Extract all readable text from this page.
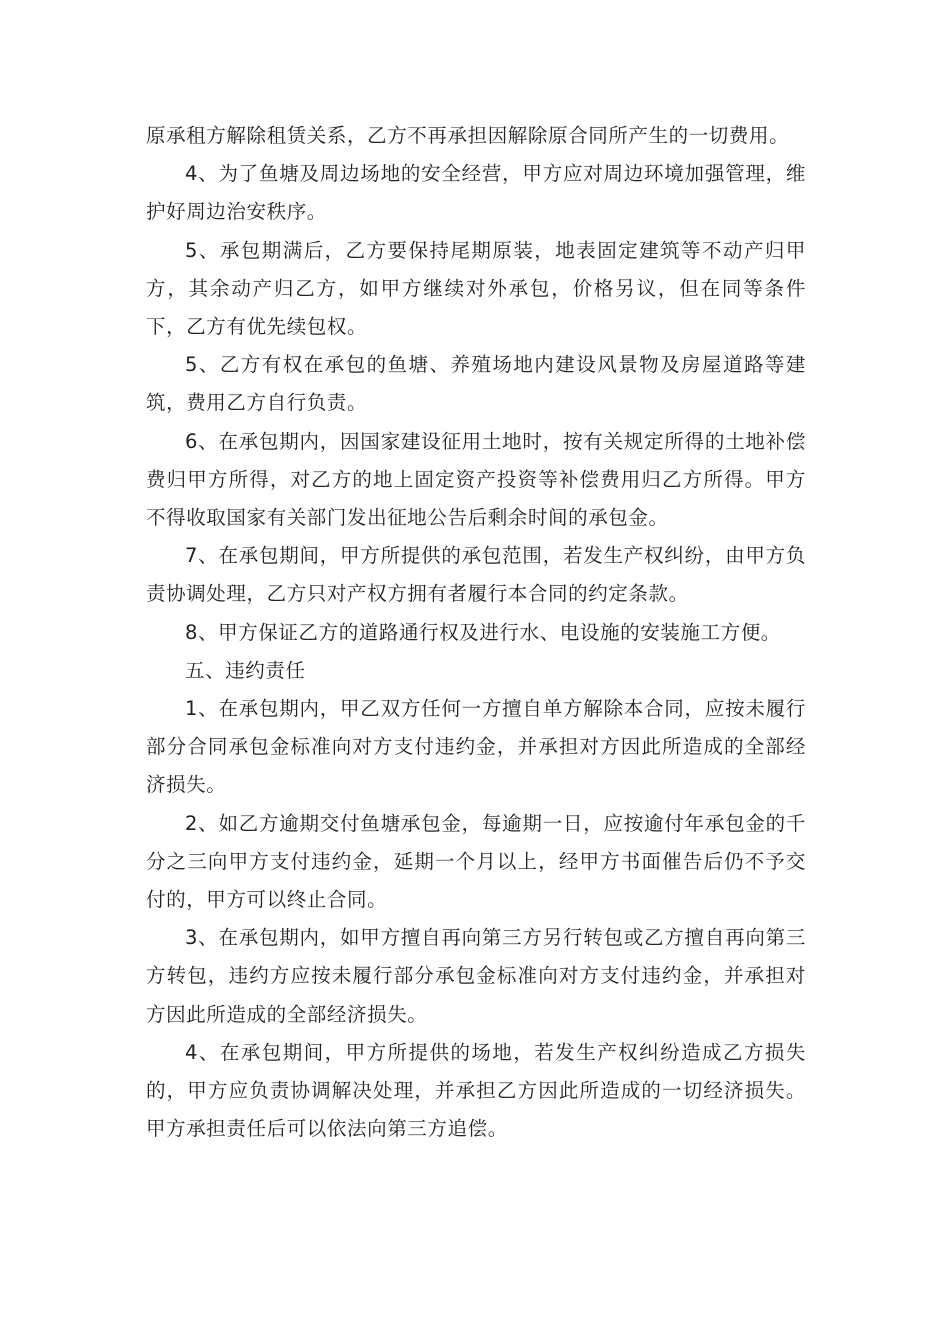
原承租方解除租赁关系，乙方不再承担因解除原合同所产生的一切费用。

4、为了鱼塘及周边场地的安全经营，甲方应对周边环境加强管理，维护好周边治安秩序。

5、承包期满后，乙方要保持尾期原装，地表固定建筑等不动产归甲方，其余动产归乙方，如甲方继续对外承包，价格另议，但在同等条件下，乙方有优先续包权。

5、乙方有权在承包的鱼塘、养殖场地内建设风景物及房屋道路等建筑，费用乙方自行负责。

6、在承包期内，因国家建设征用土地时，按有关规定所得的土地补偿费归甲方所得，对乙方的地上固定资产投资等补偿费用归乙方所得。甲方不得收取国家有关部门发出征地公告后剩余时间的承包金。

7、在承包期间，甲方所提供的承包范围，若发生产权纠纷，由甲方负责协调处理，乙方只对产权方拥有者履行本合同的约定条款。

8、甲方保证乙方的道路通行权及进行水、电设施的安装施工方便。

五、违约责任

1、在承包期内，甲乙双方任何一方擅自单方解除本合同，应按未履行部分合同承包金标准向对方支付违约金，并承担对方因此所造成的全部经济损失。

2、如乙方逾期交付鱼塘承包金，每逾期一日，应按逾付年承包金的千分之三向甲方支付违约金，延期一个月以上，经甲方书面催告后仍不予交付的，甲方可以终止合同。

3、在承包期内，如甲方擅自再向第三方另行转包或乙方擅自再向第三方转包，违约方应按未履行部分承包金标准向对方支付违约金，并承担对方因此所造成的全部经济损失。

4、在承包期间，甲方所提供的场地，若发生产权纠纷造成乙方损失的，甲方应负责协调解决处理，并承担乙方因此所造成的一切经济损失。甲方承担责任后可以依法向第三方追偿。
